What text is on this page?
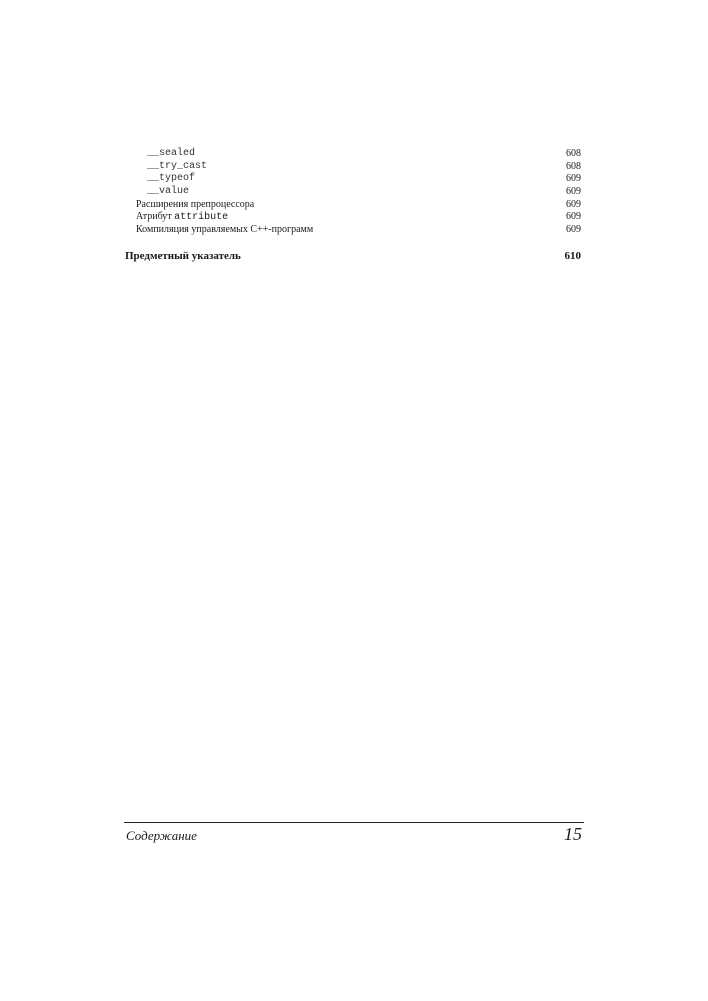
__sealed	608
__try_cast	608
__typeof	609
__value	609
Расширения препроцессора	609
Атрибут attribute	609
Компиляция управляемых C++-программ	609
Предметный указатель	610
Содержание	15
